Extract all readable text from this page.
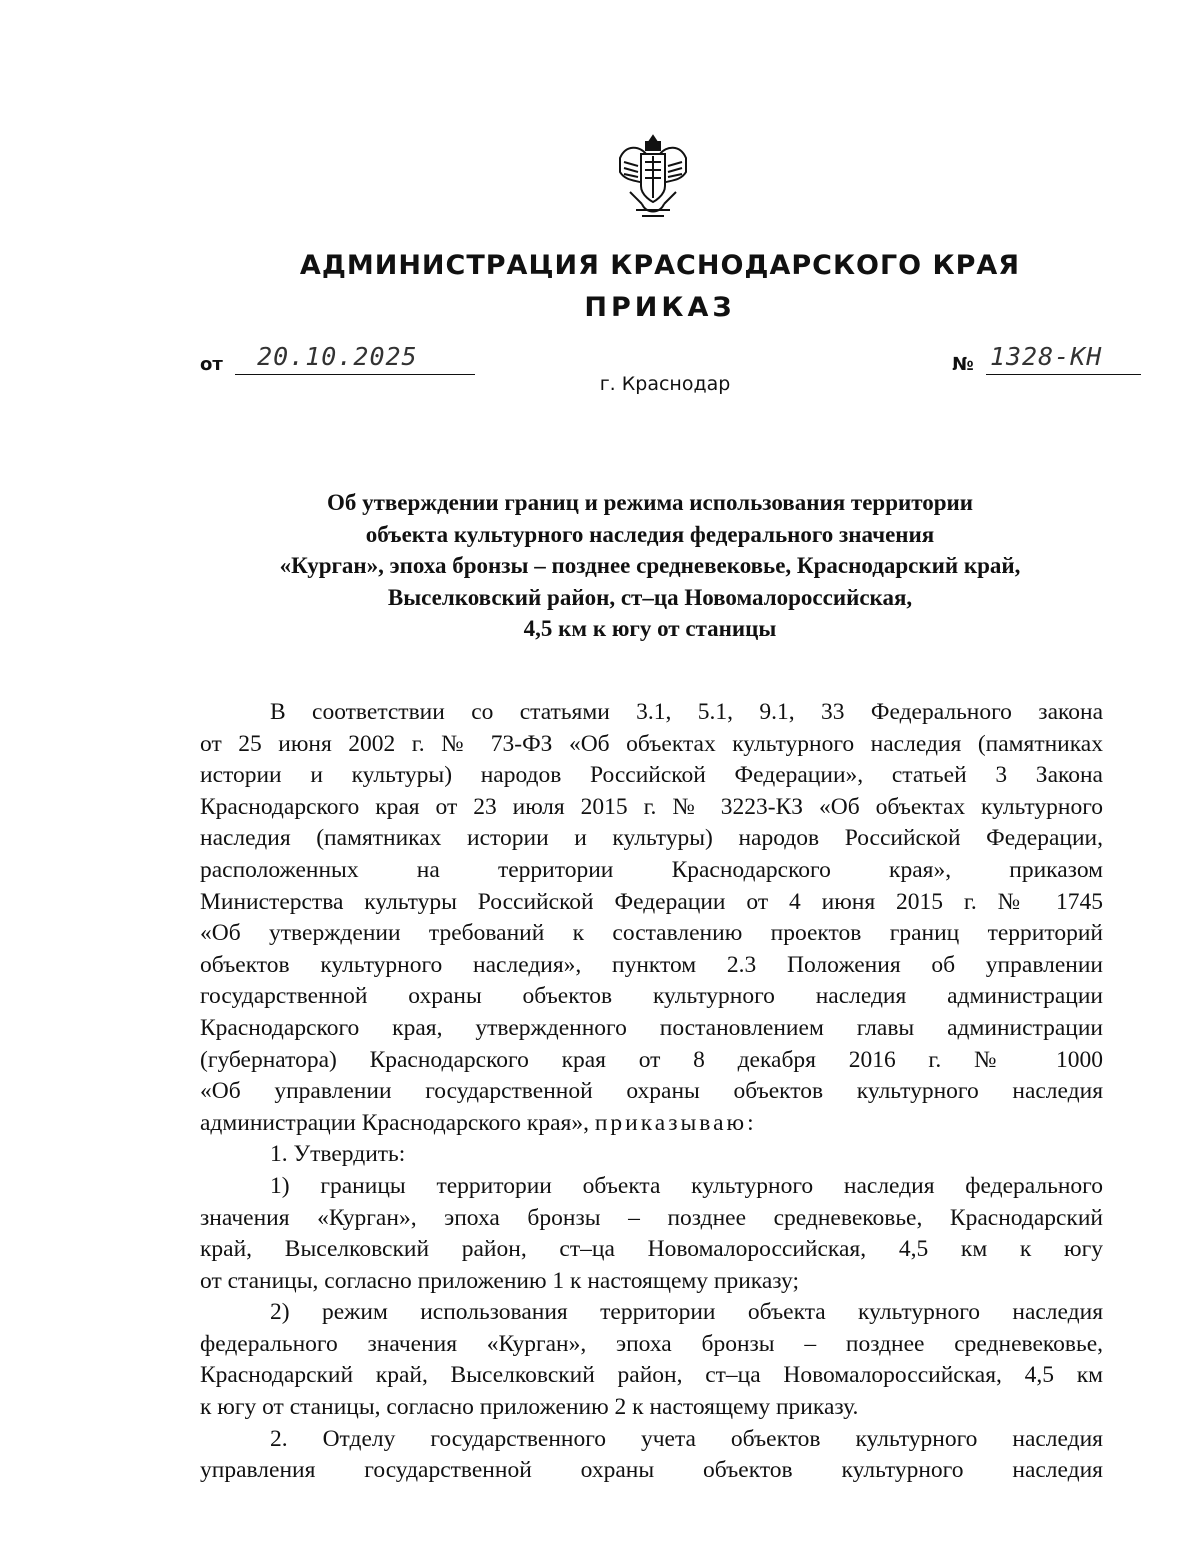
АДМИНИСТРАЦИЯ КРАСНОДАРСКОГО КРАЯ
ПРИКАЗ
от 20.10.2025	№ 1328-КН
г. Краснодар
Об утверждении границ и режима использования территории
объекта культурного наследия федерального значения
«Курган», эпоха бронзы – позднее средневековье, Краснодарский край,
Выселковский район, ст–ца Новомалороссийская,
4,5 км к югу от станицы

В соответствии со статьями 3.1, 5.1, 9.1, 33 Федерального закона

от 25 июня 2002 г. № 73-ФЗ «Об объектах культурного наследия (памятниках

истории и культуры) народов Российской Федерации», статьей 3 Закона

Краснодарского края от 23 июля 2015 г. № 3223-КЗ «Об объектах культурного

наследия (памятниках истории и культуры) народов Российской Федерации,

расположенных на территории Краснодарского края», приказом

Министерства культуры Российской Федерации от 4 июня 2015 г. № 1745

«Об утверждении требований к составлению проектов границ территорий

объектов культурного наследия», пунктом 2.3 Положения об управлении

государственной охраны объектов культурного наследия администрации

Краснодарского края, утвержденного постановлением главы администрации

(губернатора) Краснодарского края от 8 декабря 2016 г. № 1000

«Об управлении государственной охраны объектов культурного наследия

администрации Краснодарского края», приказываю:

1. Утвердить:

1) границы территории объекта культурного наследия федерального

значения «Курган», эпоха бронзы – позднее средневековье, Краснодарский

край, Выселковский район, ст–ца Новомалороссийская, 4,5 км к югу

от станицы, согласно приложению 1 к настоящему приказу;

2) режим использования территории объекта культурного наследия

федерального значения «Курган», эпоха бронзы – позднее средневековье,

Краснодарский край, Выселковский район, ст–ца Новомалороссийская, 4,5 км

к югу от станицы, согласно приложению 2 к настоящему приказу.

2. Отделу государственного учета объектов культурного наследия

управления государственной охраны объектов культурного наследия
